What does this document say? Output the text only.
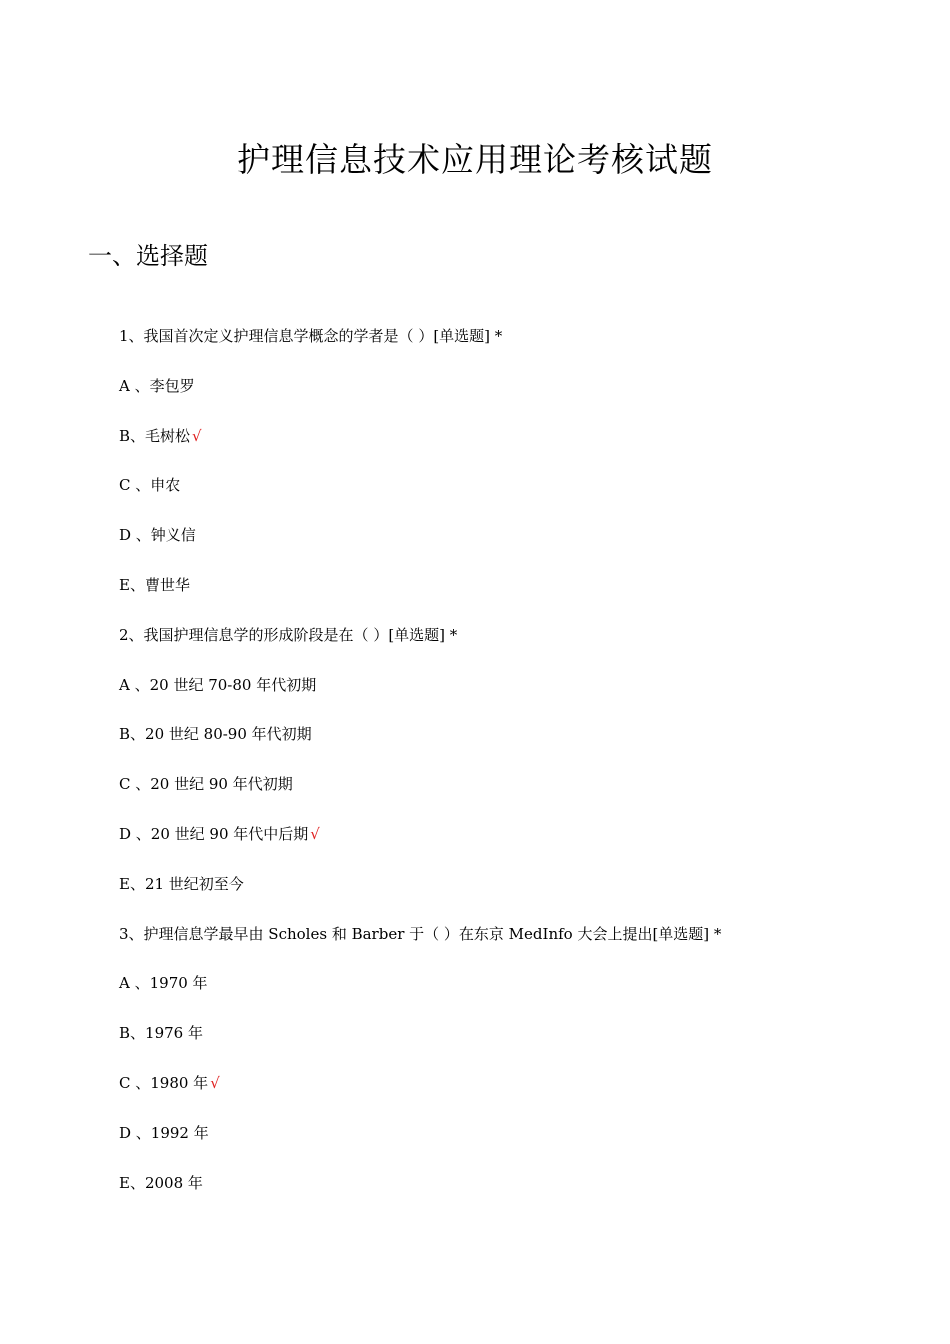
护理信息技术应用理论考核试题
一、选择题
1、我国首次定义护理信息学概念的学者是（ ）[单选题] *
A 、李包罗
B、毛树松 √
C 、申农
D 、钟义信
E、曹世华
2、我国护理信息学的形成阶段是在（ ）[单选题] *
A 、20 世纪 70-80 年代初期
B、20 世纪 80-90 年代初期
C 、20 世纪 90 年代初期
D 、20 世纪 90 年代中后期 √
E、21 世纪初至今
3、护理信息学最早由 Scholes 和 Barber 于（ ）在东京 MedInfo 大会上提出[单选题] *
A 、1970 年
B、1976 年
C 、1980 年 √
D 、1992 年
E、2008 年
